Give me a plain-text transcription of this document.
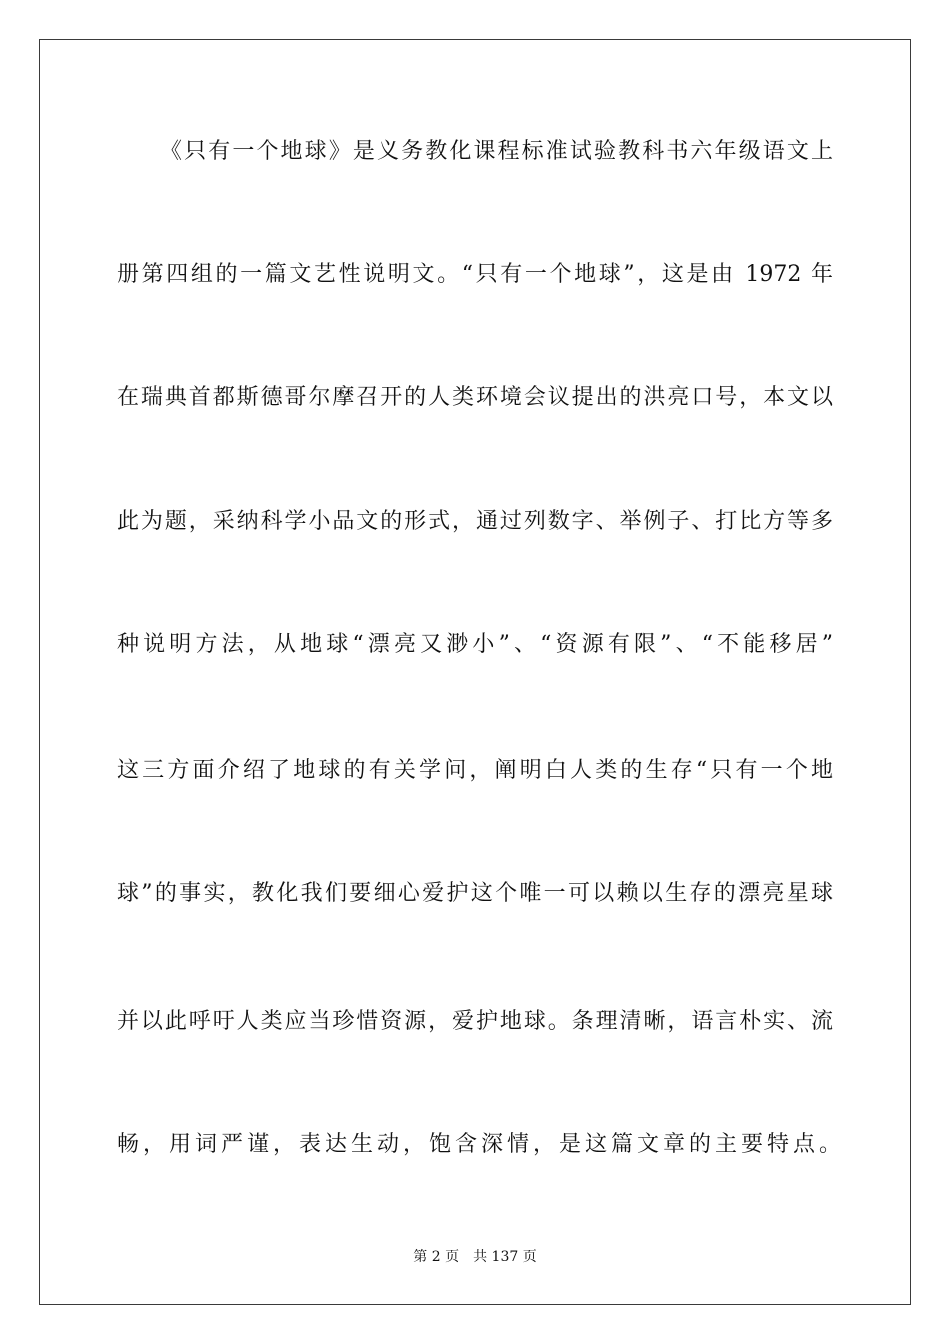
《只有一个地球》是义务教化课程标准试验教科书六年级语文上
册第四组的一篇文艺性说明文。“只有一个地球”，这是由 1972 年
在瑞典首都斯德哥尔摩召开的人类环境会议提出的洪亮口号，本文以
此为题，采纳科学小品文的形式，通过列数字、举例子、打比方等多
种说明方法，从地球“漂亮又渺小”、“资源有限”、“不能移居”
这三方面介绍了地球的有关学问，阐明白人类的生存“只有一个地
球”的事实，教化我们要细心爱护这个唯一可以赖以生存的漂亮星球
并以此呼吁人类应当珍惜资源，爱护地球。条理清晰，语言朴实、流
畅，用词严谨，表达生动，饱含深情，是这篇文章的主要特点。
第 2 页 共 137 页
